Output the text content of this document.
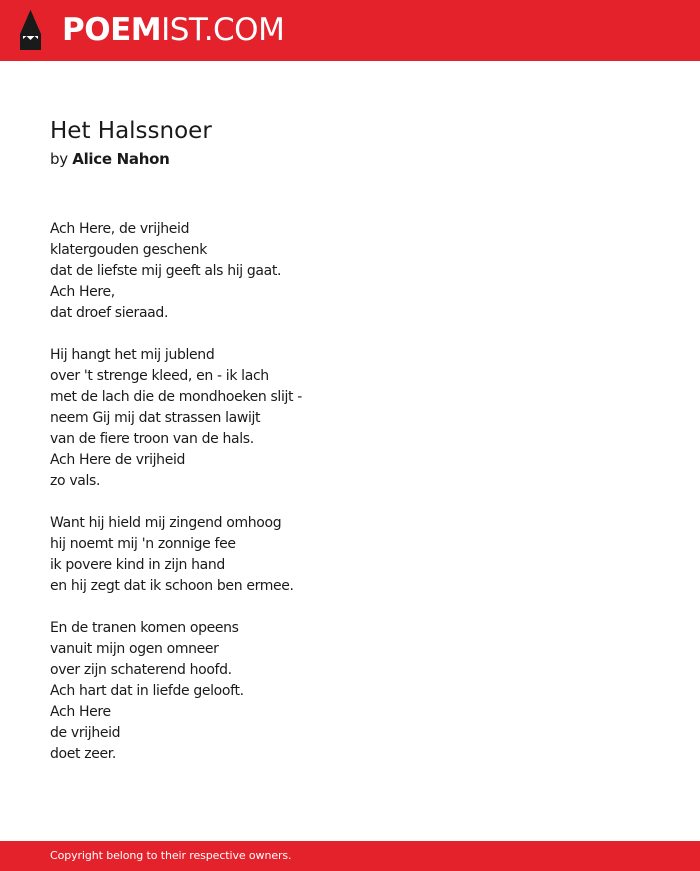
POEMIST.COM
Het Halssnoer
by Alice Nahon
Ach Here, de vrijheid
klatergouden geschenk
dat de liefste mij geeft als hij gaat.
Ach Here,
dat droef sieraad.
Hij hangt het mij jublend
over 't strenge kleed, en - ik lach
met de lach die de mondhoeken slijt -
neem Gij mij dat strassen lawijt
van de fiere troon van de hals.
Ach Here de vrijheid
zo vals.
Want hij hield mij zingend omhoog
hij noemt mij 'n zonnige fee
ik povere kind in zijn hand
en hij zegt dat ik schoon ben ermee.
En de tranen komen opeens
vanuit mijn ogen omneer
over zijn schaterend hoofd.
Ach hart dat in liefde gelooft.
Ach Here
de vrijheid
doet zeer.
Copyright belong to their respective owners.
